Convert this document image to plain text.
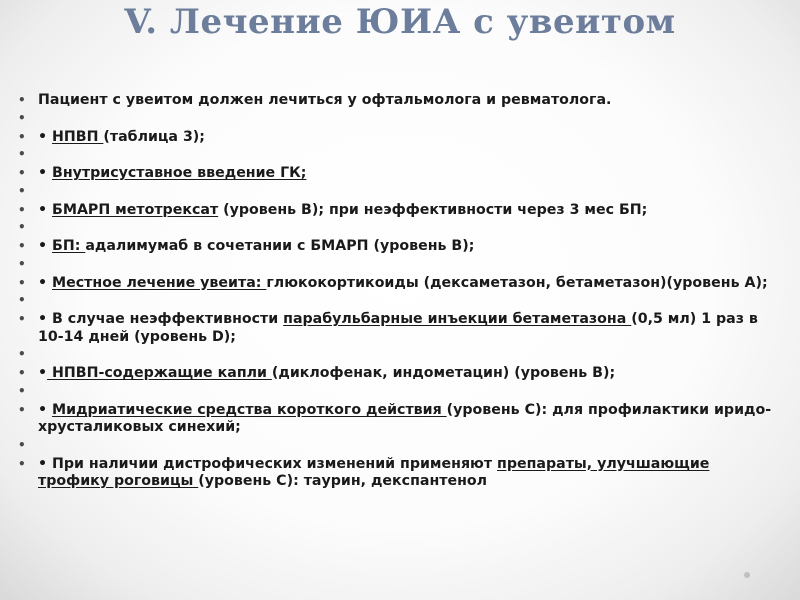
V. Лечение ЮИА с увеитом
• Пациент с увеитом должен лечиться у офтальмолога и ревматолога.
•
• • НПВП (таблица 3);
•
• • Внутрисуставное введение ГК;
•
• • БМАРП метотрексат (уровень B); при неэффективности через 3 мес БП;
•
• • БП: адалимумаб в сочетании с БМАРП (уровень B);
•
• • Местное лечение увеита: глюкокортикоиды (дексаметазон, бетаметазон)(уровень А);
•
• • В случае неэффективности парабульбарные инъекции бетаметазона (0,5 мл) 1 раз в 10-14 дней (уровень D);
•
• • НПВП-содержащие капли (диклофенак, индометацин) (уровень B);
•
• • Мидриатические средства короткого действия (уровень С): для профилактики иридо-хрусталиковых синехий;
•
• • При наличии дистрофических изменений применяют препараты, улучшающие трофику роговицы (уровень С): таурин, декспантенол
